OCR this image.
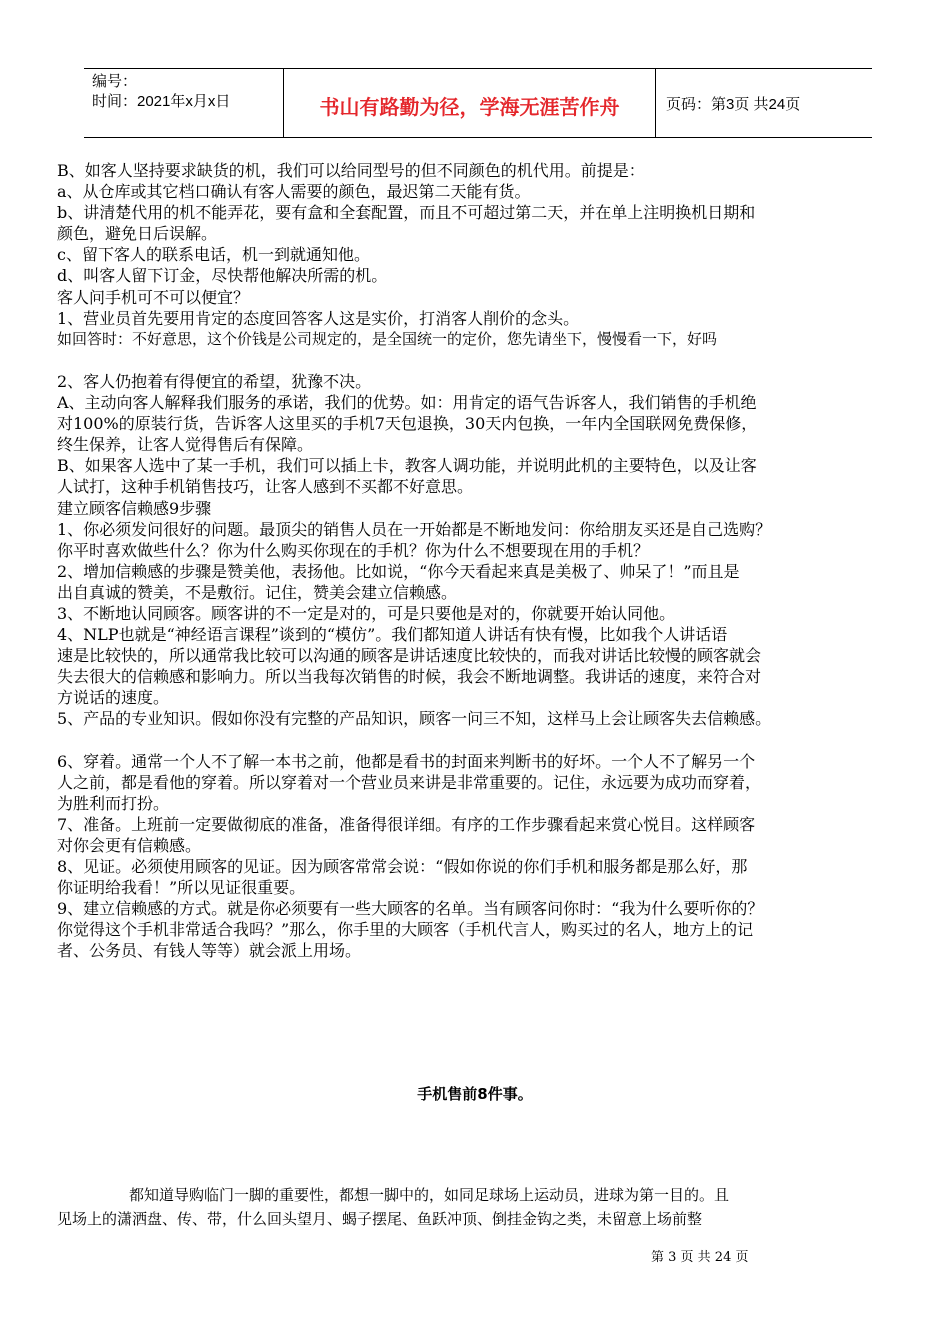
编号：
时间：2021年x月x日	书山有路勤为径，学海无涯苦作舟	页码：第3页 共24页
B、如客人坚持要求缺货的机，我们可以给同型号的但不同颜色的机代用。前提是：
a、从仓库或其它档口确认有客人需要的颜色，最迟第二天能有货。
b、讲清楚代用的机不能弄花，要有盒和全套配置，而且不可超过第二天，并在单上注明换机日期和
颜色，避免日后误解。
c、留下客人的联系电话，机一到就通知他。
d、叫客人留下订金，尽快帮他解决所需的机。
客人问手机可不可以便宜？
1、营业员首先要用肯定的态度回答客人这是实价，打消客人削价的念头。
如回答时：不好意思，这个价钱是公司规定的，是全国统一的定价，您先请坐下，慢慢看一下，好吗
2、客人仍抱着有得便宜的希望，犹豫不决。
A、主动向客人解释我们服务的承诺，我们的优势。如：用肯定的语气告诉客人，我们销售的手机绝
对100%的原装行货，告诉客人这里买的手机7天包退换，30天内包换，一年内全国联网免费保修，
终生保养，让客人觉得售后有保障。
B、如果客人选中了某一手机，我们可以插上卡，教客人调功能，并说明此机的主要特色，以及让客
人试打，这种手机销售技巧，让客人感到不买都不好意思。
建立顾客信赖感9步骤
1、你必须发问很好的问题。最顶尖的销售人员在一开始都是不断地发问：你给朋友买还是自己选购？
你平时喜欢做些什么？你为什么购买你现在的手机？你为什么不想要现在用的手机？
2、增加信赖感的步骤是赞美他，表扬他。比如说，“你今天看起来真是美极了、帅呆了！”而且是
出自真诚的赞美，不是敷衍。记住，赞美会建立信赖感。
3、不断地认同顾客。顾客讲的不一定是对的，可是只要他是对的，你就要开始认同他。
4、NLP也就是“神经语言课程”谈到的“模仿”。我们都知道人讲话有快有慢，比如我个人讲话语
速是比较快的，所以通常我比较可以沟通的顾客是讲话速度比较快的，而我对讲话比较慢的顾客就会
失去很大的信赖感和影响力。所以当我每次销售的时候，我会不断地调整。我讲话的速度，来符合对
方说话的速度。
5、产品的专业知识。假如你没有完整的产品知识，顾客一问三不知，这样马上会让顾客失去信赖感。
6、穿着。通常一个人不了解一本书之前，他都是看书的封面来判断书的好坏。一个人不了解另一个
人之前，都是看他的穿着。所以穿着对一个营业员来讲是非常重要的。记住，永远要为成功而穿着，
为胜利而打扮。
7、准备。上班前一定要做彻底的准备，准备得很详细。有序的工作步骤看起来赏心悦目。这样顾客
对你会更有信赖感。
8、见证。必须使用顾客的见证。因为顾客常常会说：“假如你说的你们手机和服务都是那么好，那
你证明给我看！”所以见证很重要。
9、建立信赖感的方式。就是你必须要有一些大顾客的名单。当有顾客问你时：“我为什么要听你的？
你觉得这个手机非常适合我吗？”那么，你手里的大顾客（手机代言人，购买过的名人，地方上的记
者、公务员、有钱人等等）就会派上用场。
手机售前8件事。
都知道导购临门一脚的重要性，都想一脚中的，如同足球场上运动员，进球为第一目的。且
见场上的潇洒盘、传、带，什么回头望月、蝎子摆尾、鱼跃冲顶、倒挂金钩之类，未留意上场前整
第 3 页 共 24 页
